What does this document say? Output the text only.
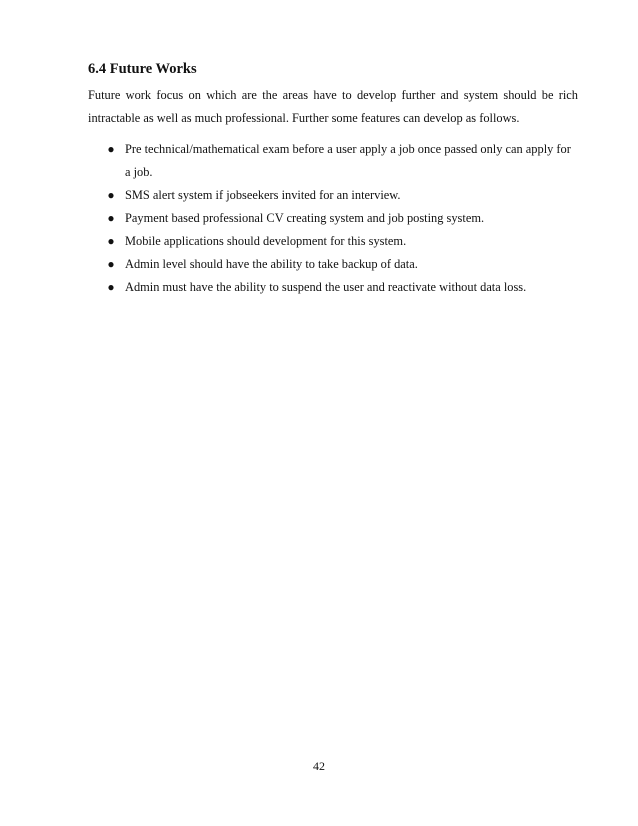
6.4 Future Works

Future work focus on which are the areas have to develop further and system should be rich intractable as well as much professional. Further some features can develop as follows.

● Pre technical/mathematical exam before a user apply a job once passed only can apply for a job.
● SMS alert system if jobseekers invited for an interview.
● Payment based professional CV creating system and job posting system.
● Mobile applications should development for this system.
● Admin level should have the ability to take backup of data.
● Admin must have the ability to suspend the user and reactivate without data loss.
42
